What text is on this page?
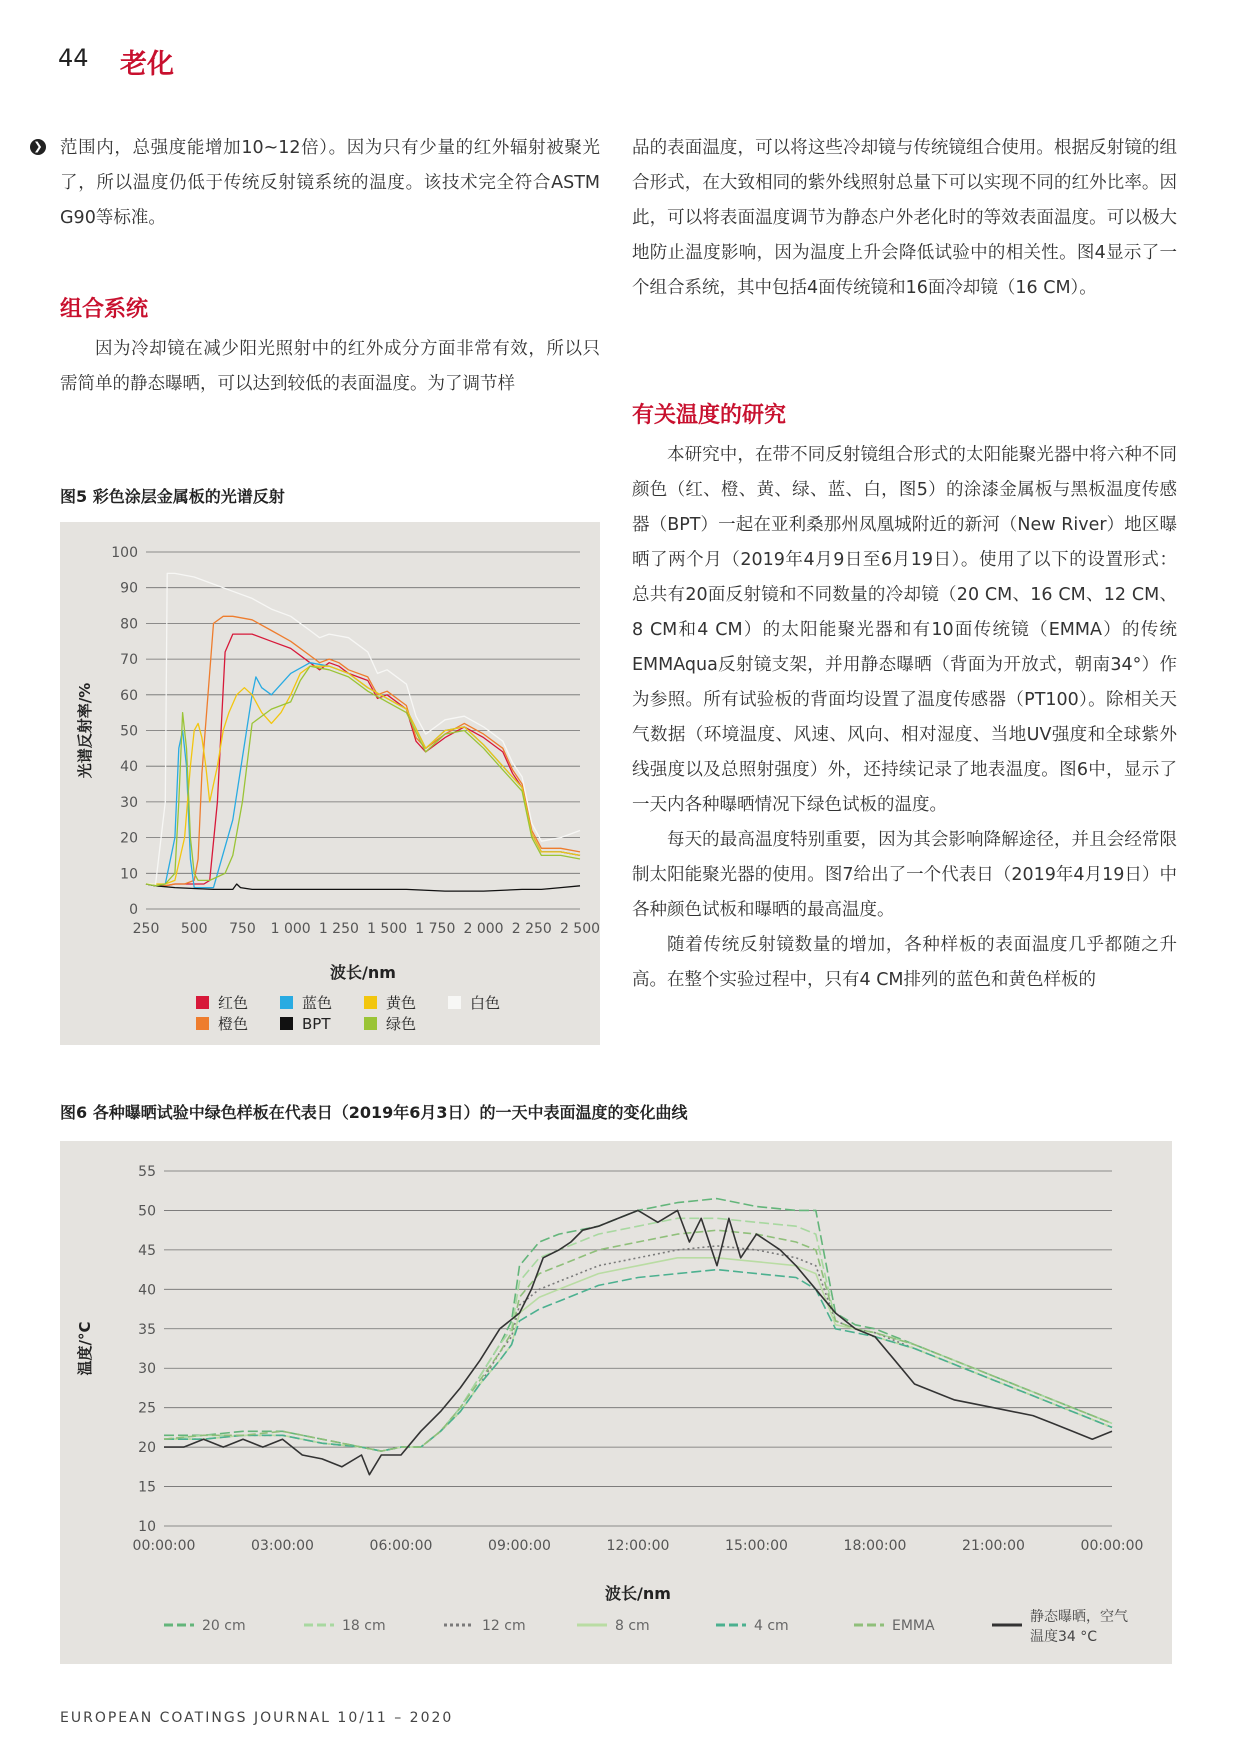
44 老化
❯ 范围内，总强度能增加10~12倍）。因为只有少量的红外辐射被聚光了，所以温度仍低于传统反射镜系统的温度。该技术完全符合ASTM G90等标准。

组合系统

因为冷却镜在减少阳光照射中的红外成分方面非常有效，所以只需简单的静态曝晒，可以达到较低的表面温度。为了调节样

品的表面温度，可以将这些冷却镜与传统镜组合使用。根据反射镜的组合形式，在大致相同的紫外线照射总量下可以实现不同的红外比率。因此，可以将表面温度调节为静态户外老化时的等效表面温度。可以极大地防止温度影响，因为温度上升会降低试验中的相关性。图4显示了一个组合系统，其中包括4面传统镜和16面冷却镜（16 CM）。

有关温度的研究

本研究中，在带不同反射镜组合形式的太阳能聚光器中将六种不同颜色（红、橙、黄、绿、蓝、白，图5）的涂漆金属板与黑板温度传感器（BPT）一起在亚利桑那州凤凰城附近的新河（New River）地区曝晒了两个月（2019年4月9日至6月19日）。使用了以下的设置形式：总共有20面反射镜和不同数量的冷却镜（20 CM、16 CM、12 CM、8 CM和4 CM）的太阳能聚光器和有10面传统镜（EMMA）的传统EMMAqua反射镜支架，并用静态曝晒（背面为开放式，朝南34°）作为参照。所有试验板的背面均设置了温度传感器（PT100）。除相关天气数据（环境温度、风速、风向、相对湿度、当地UV强度和全球紫外线强度以及总照射强度）外，还持续记录了地表温度。图6中，显示了一天内各种曝晒情况下绿色试板的温度。

每天的最高温度特别重要，因为其会影响降解途径，并且会经常限制太阳能聚光器的使用。图7给出了一个代表日（2019年4月19日）中各种颜色试板和曝晒的最高温度。

随着传统反射镜数量的增加，各种样板的表面温度几乎都随之升高。在整个实验过程中，只有4 CM排列的蓝色和黄色样板的

图5 彩色涂层金属板的光谱反射
0
10
20
30
40
50
60
70
80
90
100
250 500 750 1 000 1 250 1 500 1 750 2 000 2 250 2 500
波长/nm
光谱反射率/%
红色	蓝色	黄色	白色
橙色	BPT	绿色
图6 各种曝晒试验中绿色样板在代表日（2019年6月3日）的一天中表面温度的变化曲线
10
15
20
25
30
35
40
45
50
55
00:00:00	03:00:00	06:00:00	09:00:00	12:00:00	15:00:00	18:00:00	21:00:00	00:00:00
波长/nm
温度/°C
20 cm	18 cm	12 cm	8 cm	4 cm	EMMA
静态曝晒，空气
温度34 °C
EUROPEAN COATINGS JOURNAL 10/11 – 2020
